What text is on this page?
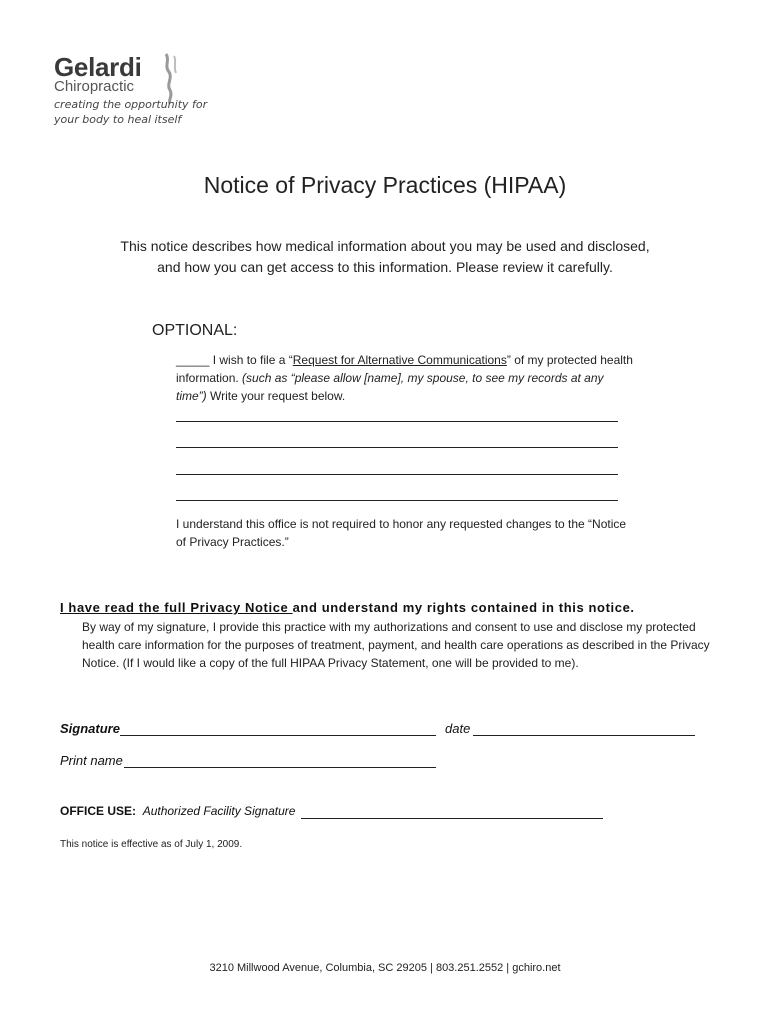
Gelardi
Chiropractic
creating the opportunity for
your body to heal itself
Notice of Privacy Practices (HIPAA)
This notice describes how medical information about you may be used and disclosed,
and how you can get access to this information. Please review it carefully.
OPTIONAL:
_____ I wish to file a “Request for Alternative Communications” of my protected health information. (such as “please allow [name], my spouse, to see my records at any time”) Write your request below.
I understand this office is not required to honor any requested changes to the “Notice of Privacy Practices.”
I have read the full Privacy Notice and understand my rights contained in this notice.
By way of my signature, I provide this practice with my authorizations and consent to use and disclose my protected health care information for the purposes of treatment, payment, and health care operations as described in the Privacy Notice. (If I would like a copy of the full HIPAA Privacy Statement, one will be provided to me).
Signature	date
Print name
OFFICE USE: Authorized Facility Signature
This notice is effective as of July 1, 2009.
3210 Millwood Avenue, Columbia, SC 29205 | 803.251.2552 | gchiro.net
